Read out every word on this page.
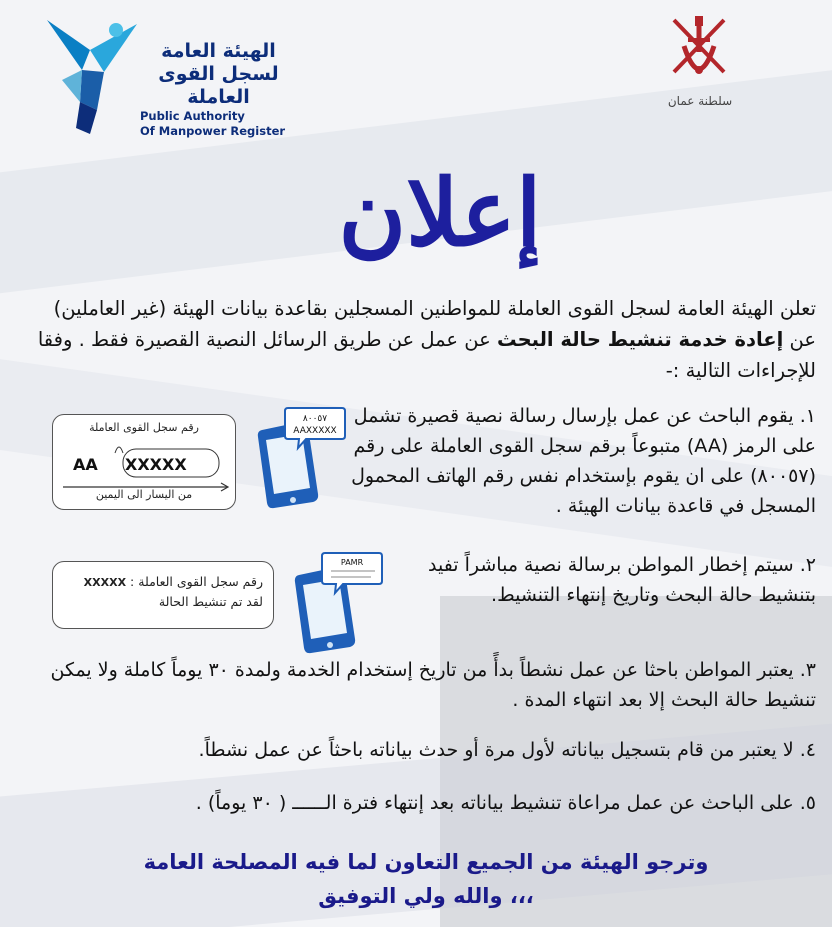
الهيئة العامة
لسجل القوى العاملة
Public Authority
Of Manpower Register
سلطنة عمان
إعلان

تعلن الهيئة العامة لسجل القوى العاملة للمواطنين المسجلين بقاعدة بيانات الهيئة (غير العاملين) عن إعادة خدمة تنشيط حالة البحث عن عمل عن طريق الرسائل النصية القصيرة فقط . وفقا للإجراءات التالية :-

رقم سجل القوى العاملة
AA XXXXX
من اليسار الى اليمين
٨٠٠٥٧
AAXXXXX

١. يقوم الباحث عن عمل بإرسال رسالة نصية قصيرة تشمل على الرمز (AA) متبوعاً برقم سجل القوى العاملة على رقم (٨٠٠٥٧) على ان يقوم بإستخدام نفس رقم الهاتف المحمول المسجل في قاعدة بيانات الهيئة .

رقم سجل القوى العاملة : XXXXX
لقد تم تنشيط الحالة
PAMR	٢. سيتم إخطار المواطن برسالة نصية مباشراً تفيد بتنشيط حالة البحث وتاريخ إنتهاء التنشيط.

٣. يعتبر المواطن باحثا عن عمل نشطاً بدأً من تاريخ إستخدام الخدمة ولمدة ٣٠ يوماً كاملة ولا يمكن تنشيط حالة البحث إلا بعد انتهاء المدة .

٤. لا يعتبر من قام بتسجيل بياناته لأول مرة أو حدث بياناته باحثاً عن عمل نشطاً.

٥. على الباحث عن عمل مراعاة تنشيط بياناته بعد إنتهاء فترة الــــــ ( ٣٠ يوماً) .

وترجو الهيئة من الجميع التعاون لما فيه المصلحة العامة
والله ولي التوفيق ،،،
